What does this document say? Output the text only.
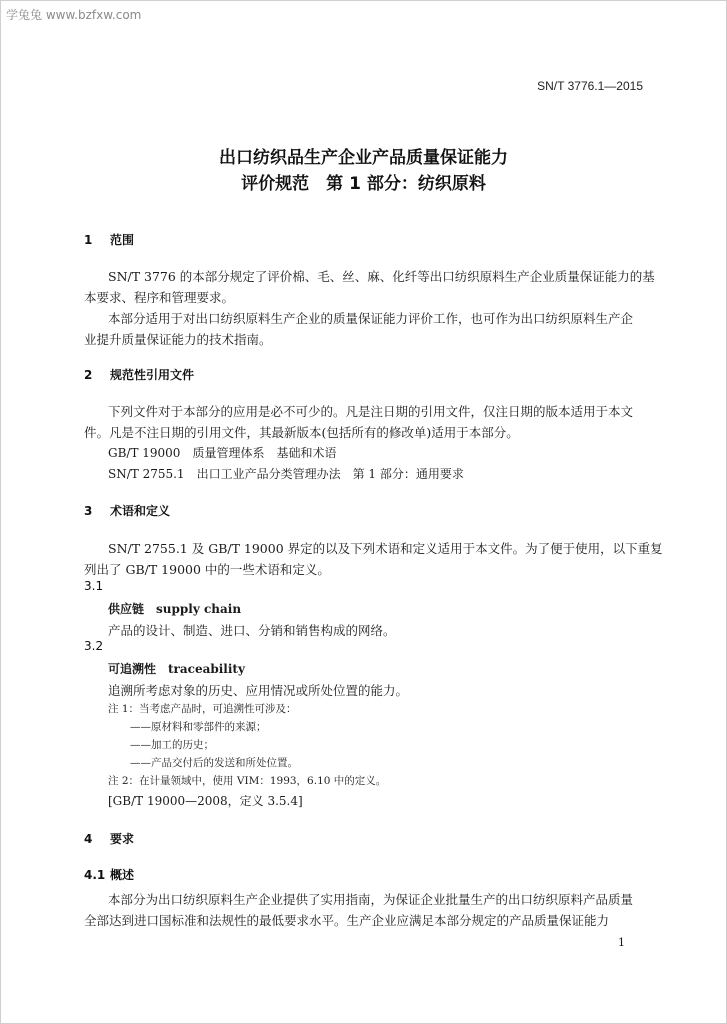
学兔兔 www.bzfxw.com
SN/T 3776.1—2015
出口纺织品生产企业产品质量保证能力
评价规范　第 1 部分：纺织原料
1 范围
SN/T 3776 的本部分规定了评价棉、毛、丝、麻、化纤等出口纺织原料生产企业质量保证能力的基
本要求、程序和管理要求。
本部分适用于对出口纺织原料生产企业的质量保证能力评价工作，也可作为出口纺织原料生产企
业提升质量保证能力的技术指南。
2 规范性引用文件
下列文件对于本部分的应用是必不可少的。凡是注日期的引用文件，仅注日期的版本适用于本文
件。凡是不注日期的引用文件，其最新版本(包括所有的修改单)适用于本部分。
GB/T 19000　质量管理体系　基础和术语
SN/T 2755.1　出口工业产品分类管理办法　第 1 部分：通用要求
3 术语和定义
SN/T 2755.1 及 GB/T 19000 界定的以及下列术语和定义适用于本文件。为了便于使用，以下重复
列出了 GB/T 19000 中的一些术语和定义。
3.1
供应链　supply chain
产品的设计、制造、进口、分销和销售构成的网络。
3.2
可追溯性　traceability
追溯所考虑对象的历史、应用情况或所处位置的能力。
注 1：当考虑产品时，可追溯性可涉及：
——原材料和零部件的来源；
——加工的历史；
——产品交付后的发送和所处位置。
注 2：在计量领域中，使用 VIM：1993，6.10 中的定义。
[GB/T 19000—2008，定义 3.5.4]
4 要求
4.1 概述
本部分为出口纺织原料生产企业提供了实用指南，为保证企业批量生产的出口纺织原料产品质量
全部达到进口国标准和法规性的最低要求水平。生产企业应满足本部分规定的产品质量保证能力
1
